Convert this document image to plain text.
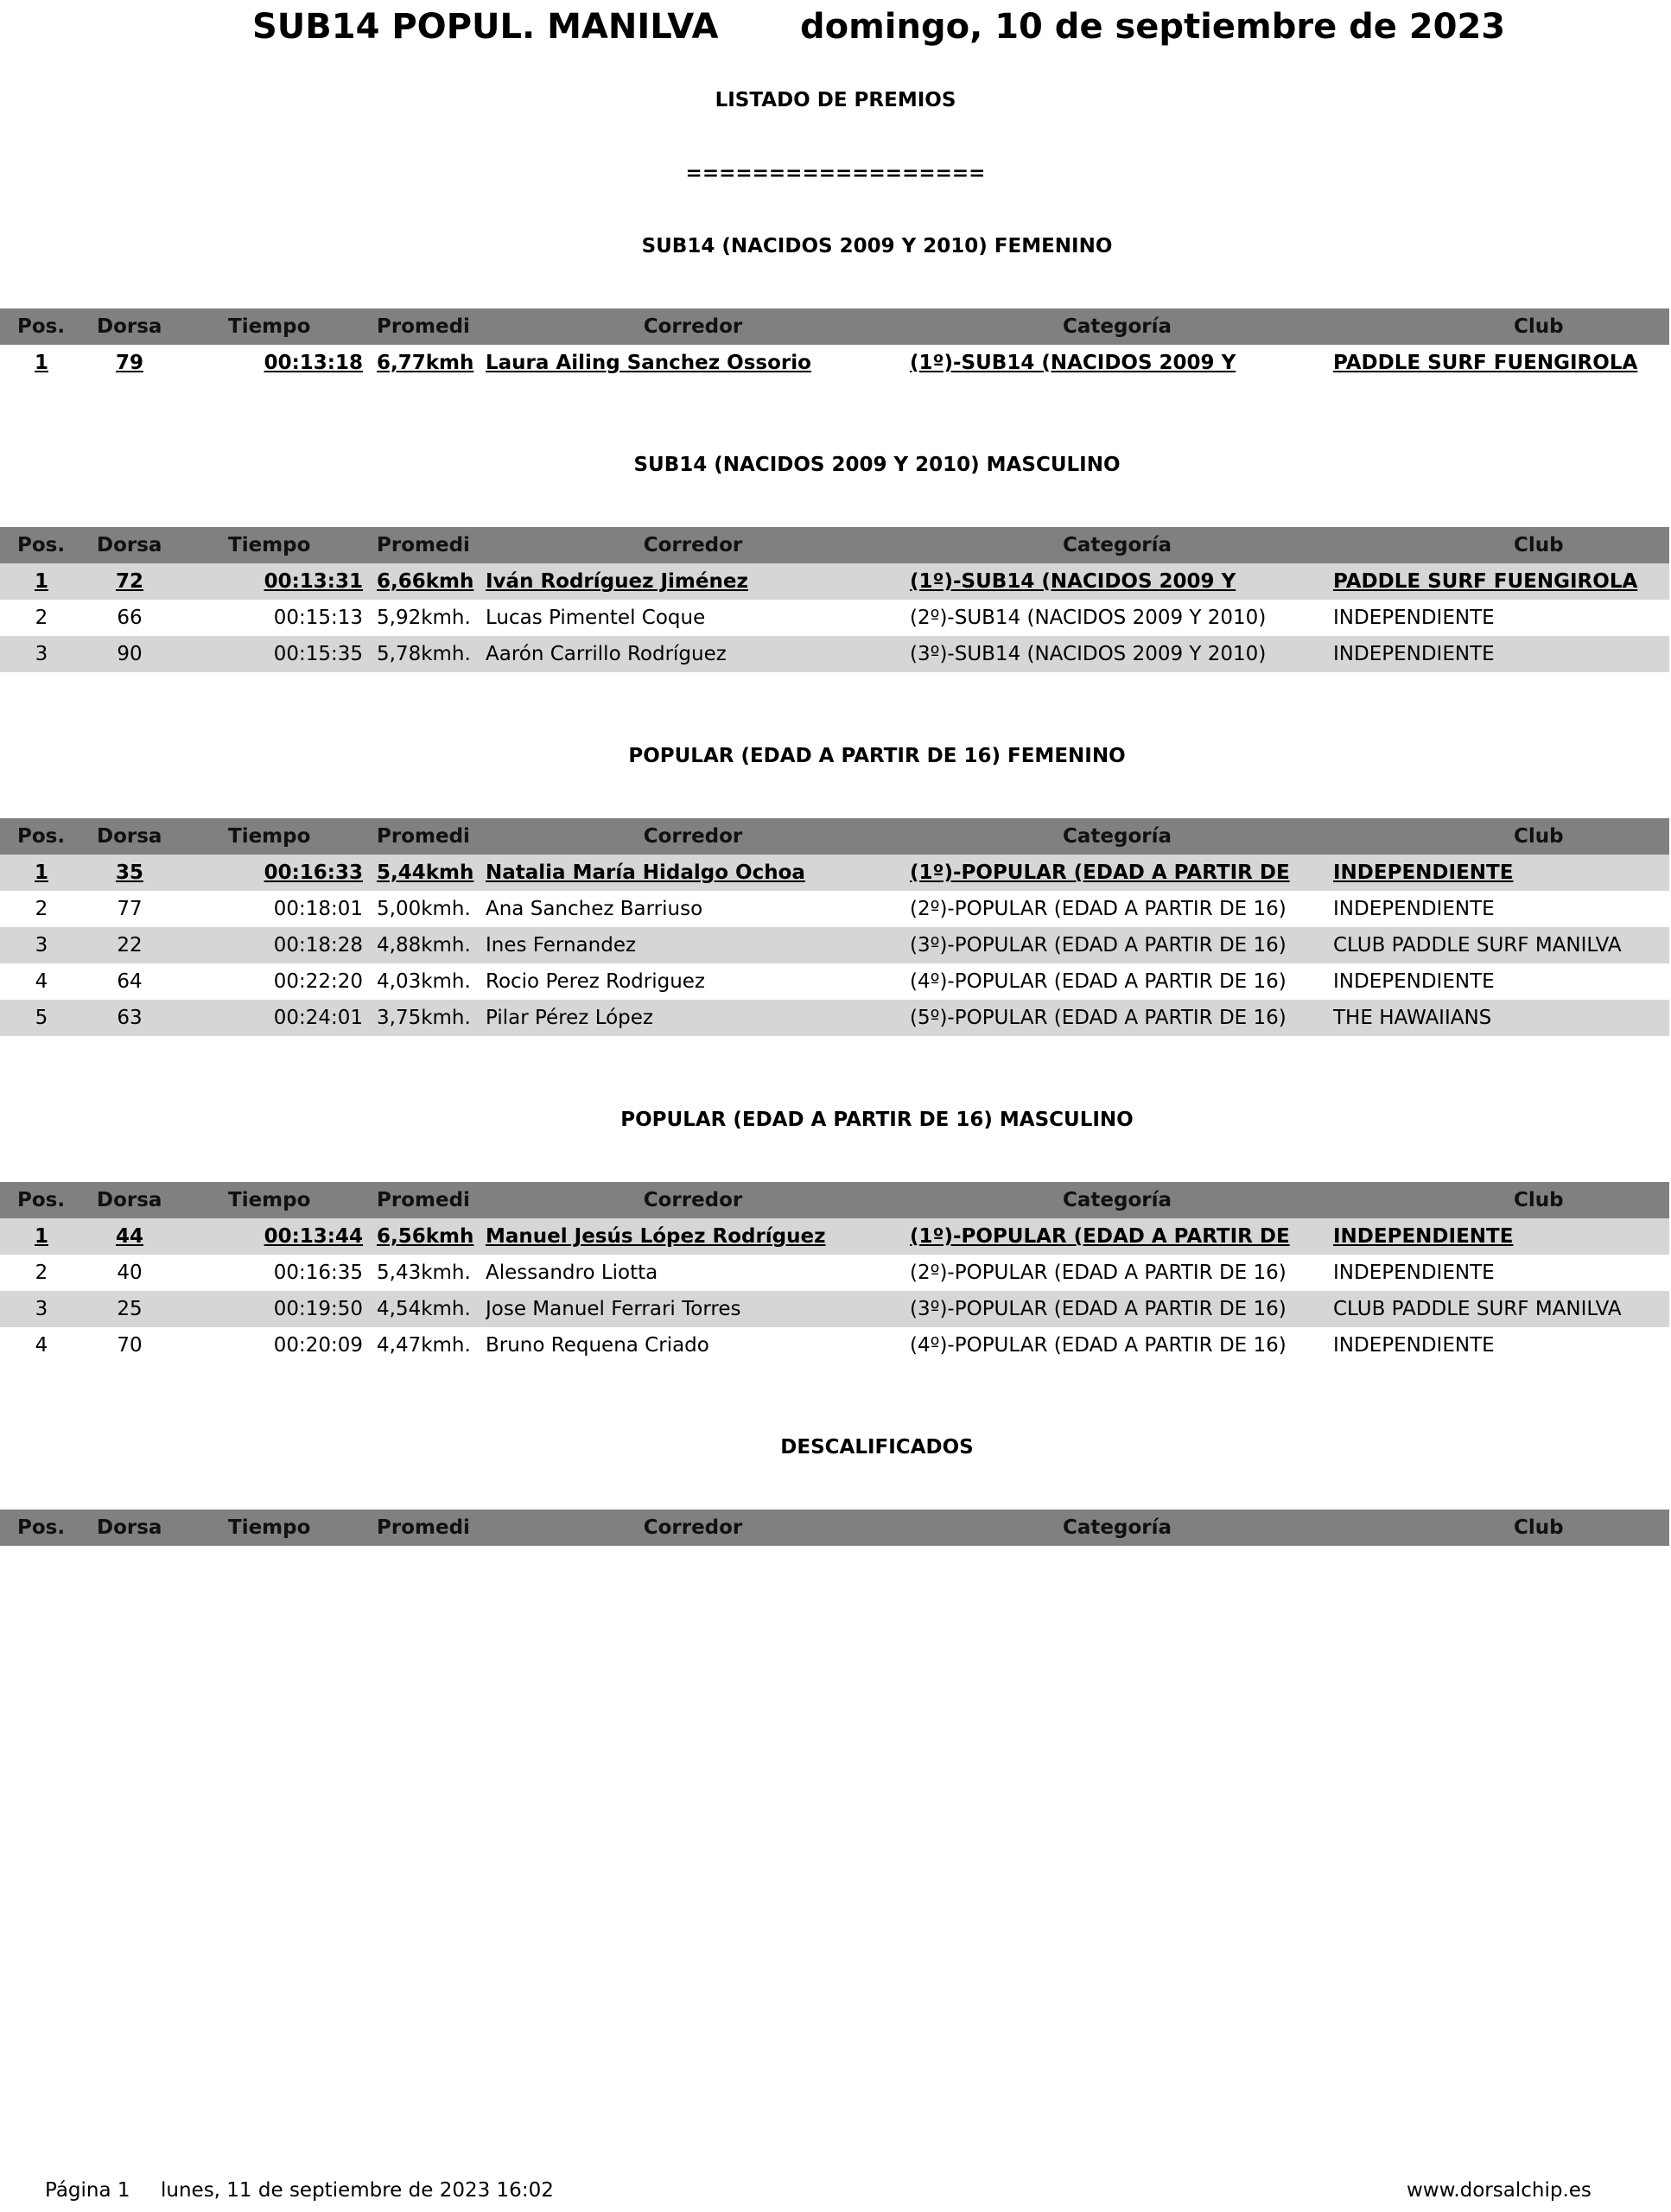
SUB14 POPUL. MANILVA domingo, 10 de septiembre de 2023
LISTADO DE PREMIOS
==================
SUB14 (NACIDOS 2009 Y 2010) FEMENINO
Pos. Dorsa	Tiempo	Promedi	Corredor	Categoría	Club
1	79	00:13:18 6,77kmh Laura Ailing Sanchez Ossorio	(1º)-SUB14 (NACIDOS 2009 Y	PADDLE SURF FUENGIROLA
SUB14 (NACIDOS 2009 Y 2010) MASCULINO
Pos. Dorsa	Tiempo	Promedi	Corredor	Categoría	Club
1	72	00:13:31 6,66kmh Iván Rodríguez Jiménez	(1º)-SUB14 (NACIDOS 2009 Y	PADDLE SURF FUENGIROLA
2	66	00:15:13 5,92kmh. Lucas Pimentel Coque	(2º)-SUB14 (NACIDOS 2009 Y 2010)	INDEPENDIENTE
3	90	00:15:35 5,78kmh. Aarón Carrillo Rodríguez	(3º)-SUB14 (NACIDOS 2009 Y 2010)	INDEPENDIENTE
POPULAR (EDAD A PARTIR DE 16) FEMENINO
Pos. Dorsa	Tiempo	Promedi	Corredor	Categoría	Club
1	35	00:16:33 5,44kmh Natalia María Hidalgo Ochoa	(1º)-POPULAR (EDAD A PARTIR DE	INDEPENDIENTE
2	77	00:18:01 5,00kmh. Ana Sanchez Barriuso	(2º)-POPULAR (EDAD A PARTIR DE 16)	INDEPENDIENTE
3	22	00:18:28 4,88kmh. Ines Fernandez	(3º)-POPULAR (EDAD A PARTIR DE 16)	CLUB PADDLE SURF MANILVA
4	64	00:22:20 4,03kmh. Rocio Perez Rodriguez	(4º)-POPULAR (EDAD A PARTIR DE 16)	INDEPENDIENTE
5	63	00:24:01 3,75kmh. Pilar Pérez López	(5º)-POPULAR (EDAD A PARTIR DE 16)	THE HAWAIIANS
POPULAR (EDAD A PARTIR DE 16) MASCULINO
Pos. Dorsa	Tiempo	Promedi	Corredor	Categoría	Club
1	44	00:13:44 6,56kmh Manuel Jesús López Rodríguez	(1º)-POPULAR (EDAD A PARTIR DE	INDEPENDIENTE
2	40	00:16:35 5,43kmh. Alessandro Liotta	(2º)-POPULAR (EDAD A PARTIR DE 16)	INDEPENDIENTE
3	25	00:19:50 4,54kmh. Jose Manuel Ferrari Torres	(3º)-POPULAR (EDAD A PARTIR DE 16)	CLUB PADDLE SURF MANILVA
4	70	00:20:09 4,47kmh. Bruno Requena Criado	(4º)-POPULAR (EDAD A PARTIR DE 16)	INDEPENDIENTE
DESCALIFICADOS
Pos. Dorsa	Tiempo	Promedi	Corredor	Categoría	Club
Página 1 lunes, 11 de septiembre de 2023 16:02	www.dorsalchip.es
